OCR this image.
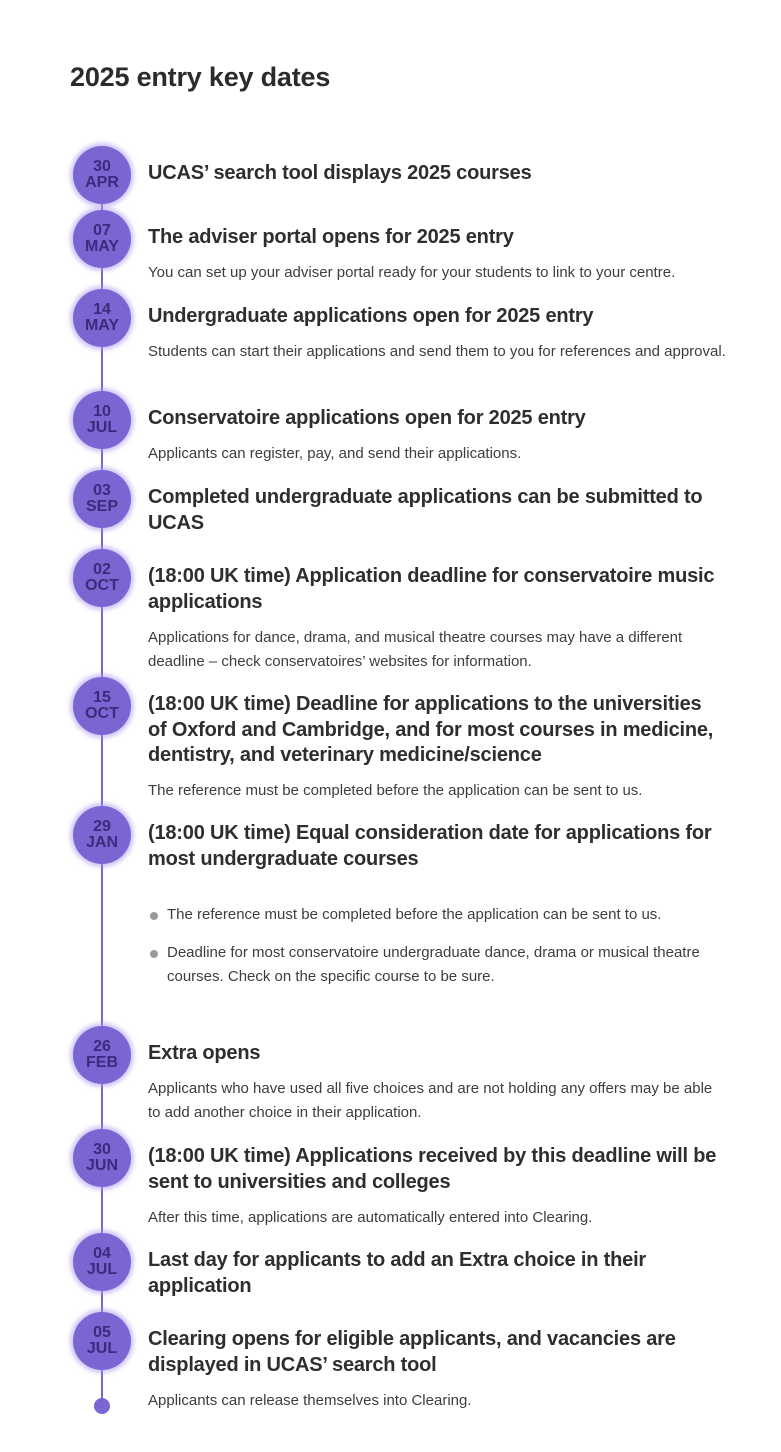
2025 entry key dates
30
APR UCAS’ search tool displays 2025 courses
07
MAY The adviser portal opens for 2025 entry

You can set up your adviser portal ready for your students to link to your centre.

14
MAY Undergraduate applications open for 2025 entry

Students can start their applications and send them to you for references and approval.

10
JUL Conservatoire applications open for 2025 entry

Applicants can register, pay, and send their applications.

03
SEP Completed undergraduate applications can be submitted to UCAS
02
OCT (18:00 UK time) Application deadline for conservatoire music applications

Applications for dance, drama, and musical theatre courses may have a different deadline – check conservatoires’ websites for information.

15
OCT (18:00 UK time) Deadline for applications to the universities of Oxford and Cambridge, and for most courses in medicine, dentistry, and veterinary medicine/science

The reference must be completed before the application can be sent to us.

29
JAN (18:00 UK time) Equal consideration date for applications for most undergraduate courses
The reference must be completed before the application can be sent to us.
Deadline for most conservatoire undergraduate dance, drama or musical theatre courses. Check on the specific course to be sure.
26
FEB Extra opens

Applicants who have used all five choices and are not holding any offers may be able to add another choice in their application.

30
JUN (18:00 UK time) Applications received by this deadline will be sent to universities and colleges

After this time, applications are automatically entered into Clearing.

04
JUL Last day for applicants to add an Extra choice in their application
05
JUL Clearing opens for eligible applicants, and vacancies are displayed in UCAS’ search tool

Applicants can release themselves into Clearing.
